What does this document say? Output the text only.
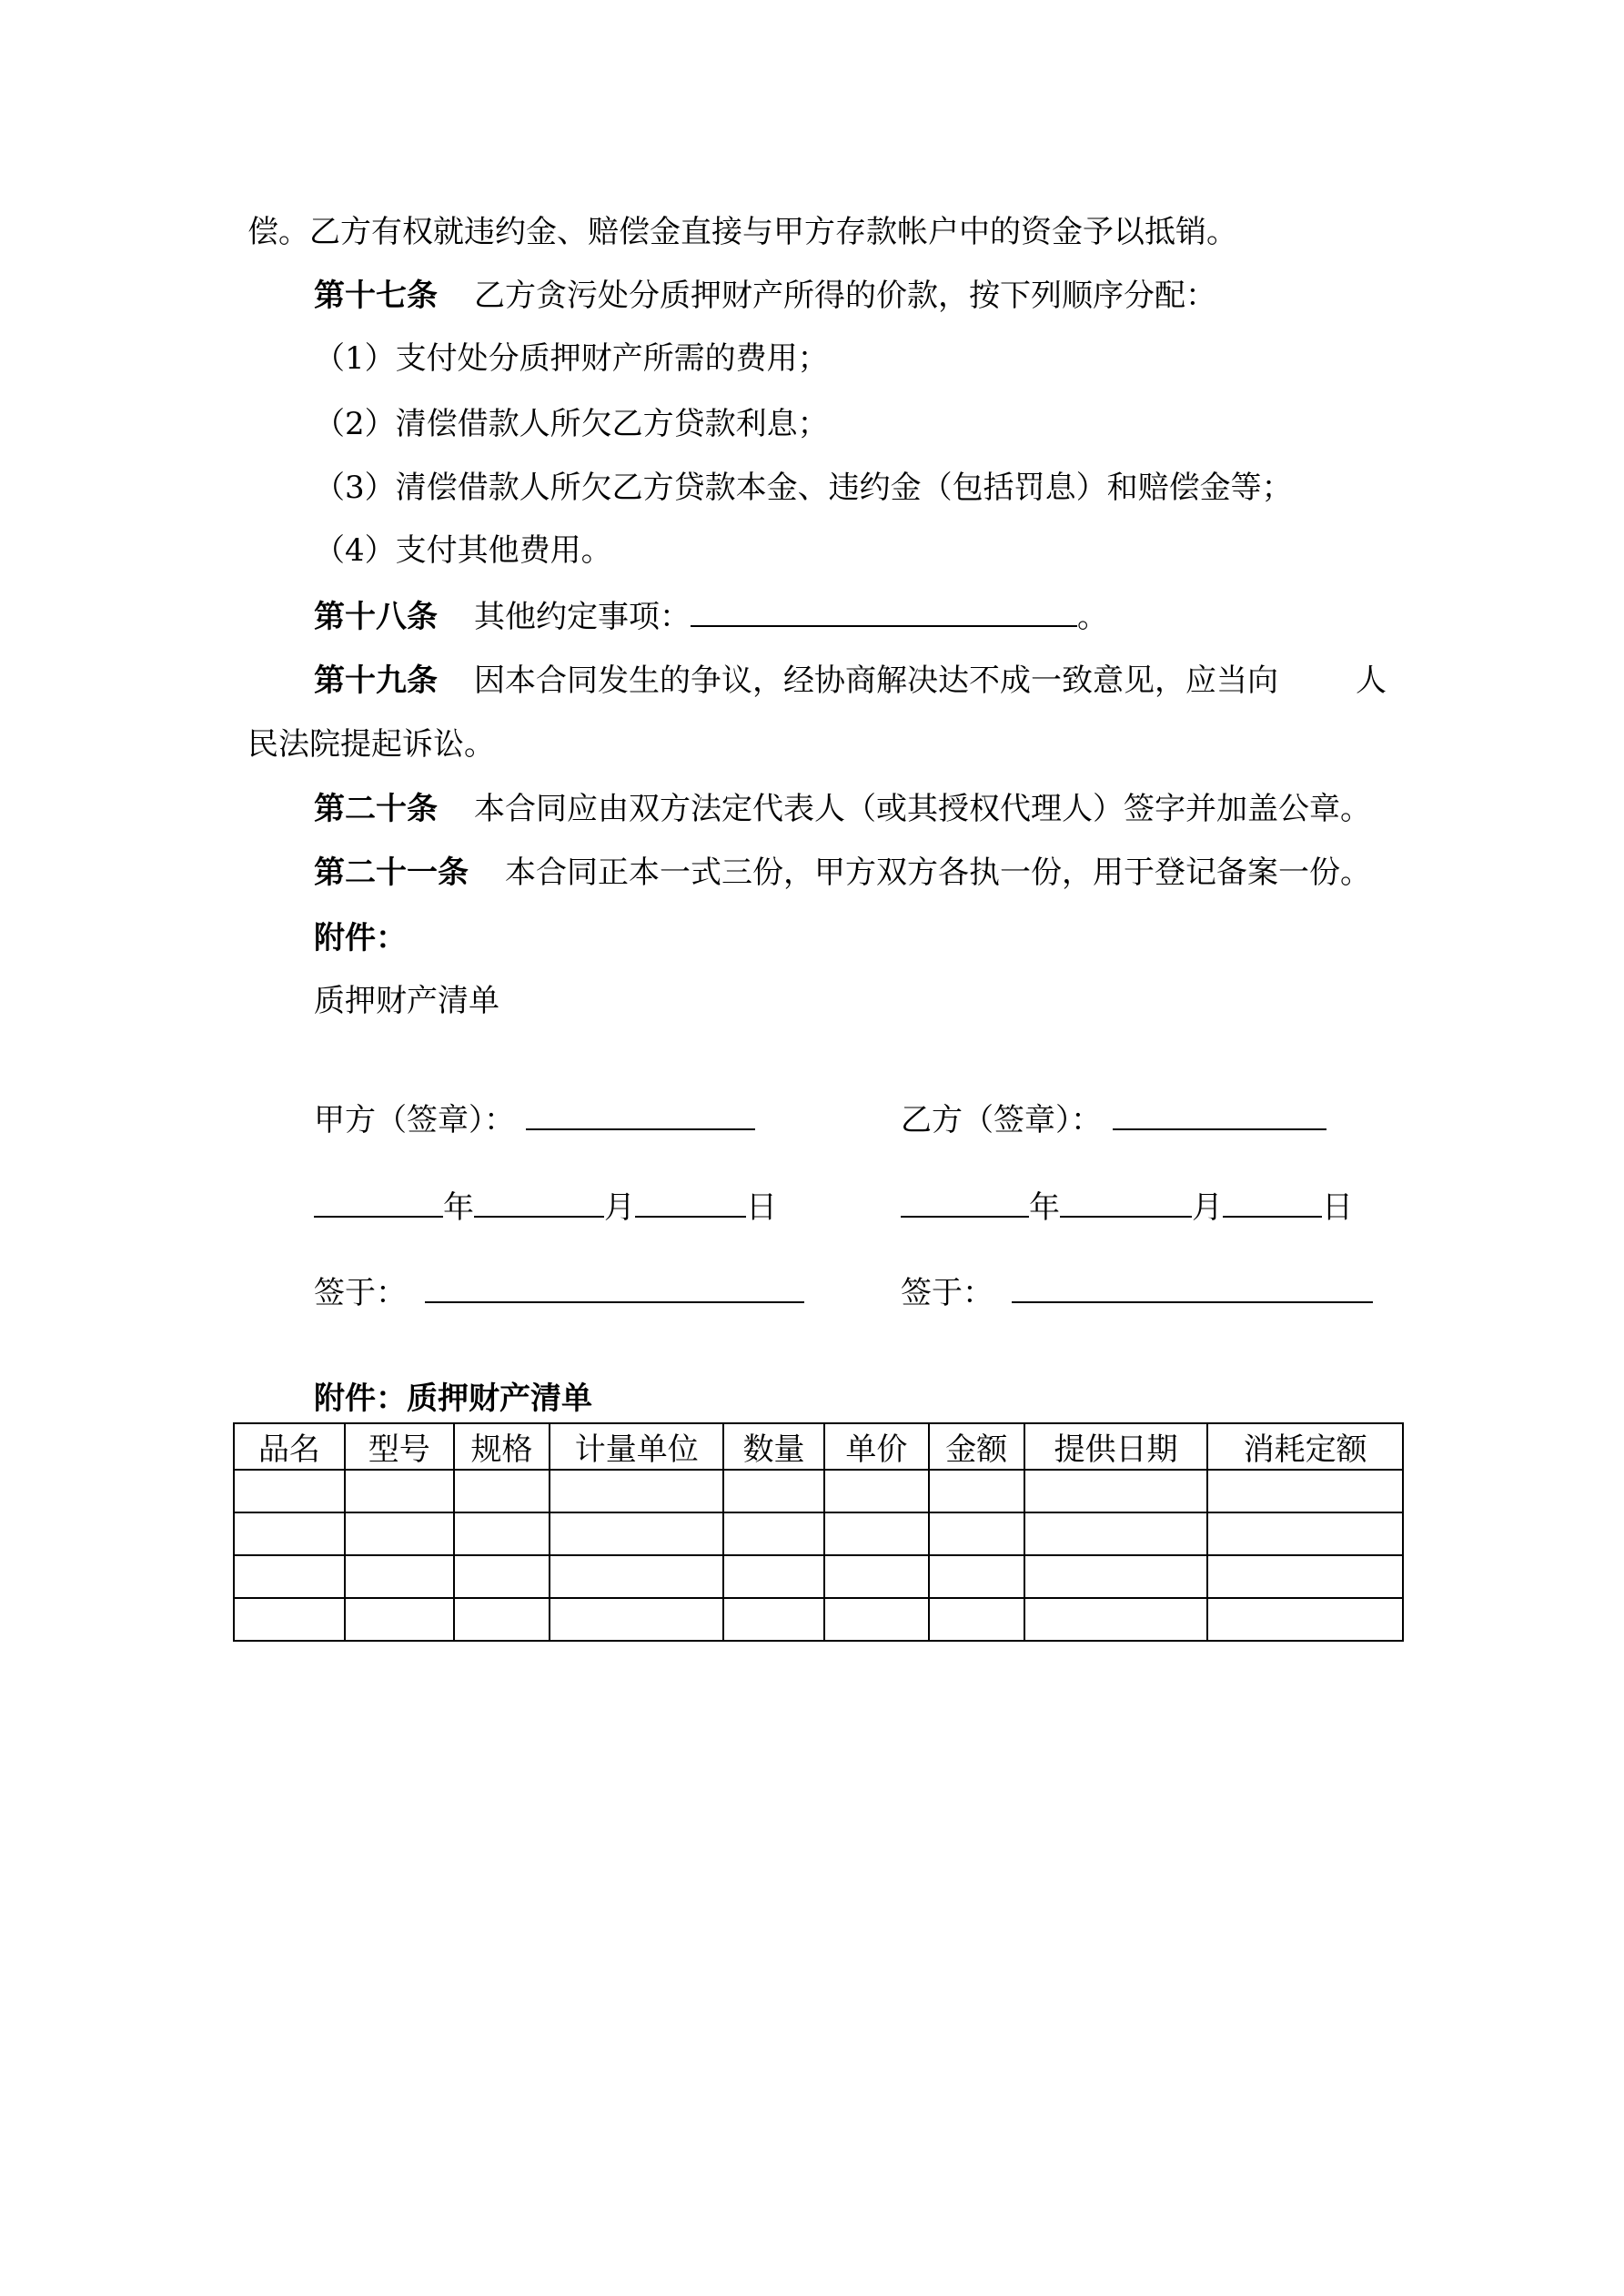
偿。乙方有权就违约金、赔偿金直接与甲方存款帐户中的资金予以抵销。
第十七条 乙方贪污处分质押财产所得的价款，按下列顺序分配：
（1）支付处分质押财产所需的费用；
（2）清偿借款人所欠乙方贷款利息；
（3）清偿借款人所欠乙方贷款本金、违约金（包括罚息）和赔偿金等；
（4）支付其他费用。
第十八条 其他约定事项：	。
第十九条 因本合同发生的争议，经协商解决达不成一致意见，应当向	人
民法院提起诉讼。
第二十条 本合同应由双方法定代表人（或其授权代理人）签字并加盖公章。
第二十一条 本合同正本一式三份，甲方双方各执一份，用于登记备案一份。
附件：
质押财产清单
甲方（签章）：	乙方（签章）：
年	月	日	年	月	日
签于：	签于：
附件：质押财产清单
品名	型号	规格	计量单位	数量	单价	金额	提供日期	消耗定额
